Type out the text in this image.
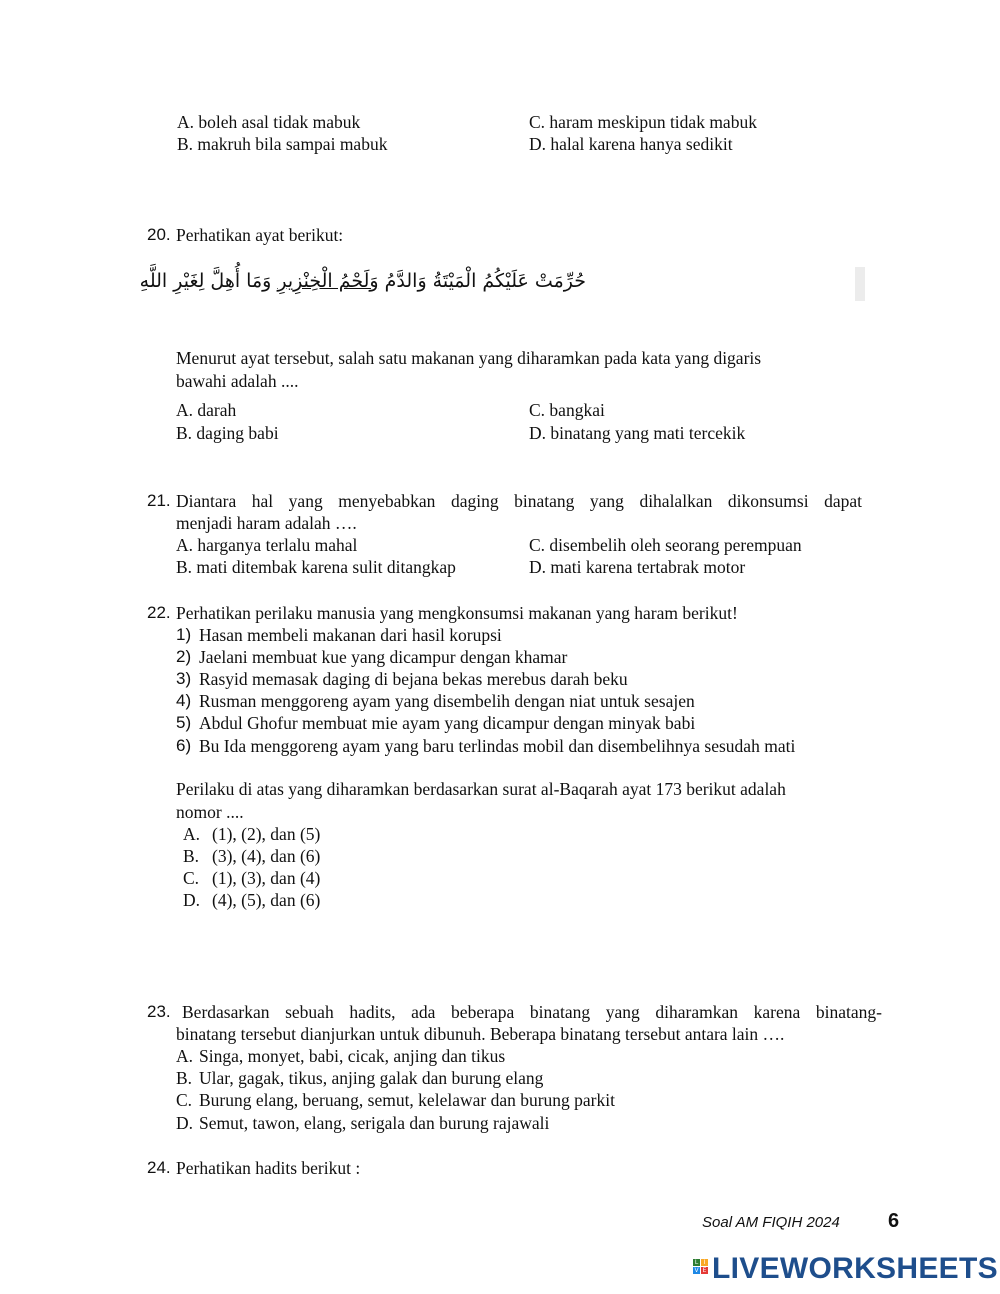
A. boleh asal tidak mabuk
B. makruh bila sampai mabuk
C. haram meskipun tidak mabuk
D. halal karena hanya sedikit
20. Perhatikan ayat berikut:
حُرِّمَتْ عَلَيْكُمُ الْمَيْتَةُ وَالدَّمُ وَلَحْمُ الْخِنْزِيرِ وَمَا أُهِلَّ لِغَيْرِ اللَّهِ
Menurut ayat tersebut, salah satu makanan yang diharamkan pada kata yang digaris
bawahi adalah ....
A. darah
B. daging babi
C. bangkai
D. binatang yang mati tercekik
21. Diantara hal yang menyebabkan daging binatang yang dihalalkan dikonsumsi dapat
menjadi haram adalah ….
A. harganya terlalu mahal
B. mati ditembak karena sulit ditangkap
C. disembelih oleh seorang perempuan
D. mati karena tertabrak motor
22. Perhatikan perilaku manusia yang mengkonsumsi makanan yang haram berikut!
1) Hasan membeli makanan dari hasil korupsi
2) Jaelani membuat kue yang dicampur dengan khamar
3) Rasyid memasak daging di bejana bekas merebus darah beku
4) Rusman menggoreng ayam yang disembelih dengan niat untuk sesajen
5) Abdul Ghofur membuat mie ayam yang dicampur dengan minyak babi
6) Bu Ida menggoreng ayam yang baru terlindas mobil dan disembelihnya sesudah mati
Perilaku di atas yang diharamkan berdasarkan surat al-Baqarah ayat 173 berikut adalah
nomor ....
A. (1), (2), dan (5)
B. (3), (4), dan (6)
C. (1), (3), dan (4)
D. (4), (5), dan (6)
23. Berdasarkan sebuah hadits, ada beberapa binatang yang diharamkan karena binatang-
binatang tersebut dianjurkan untuk dibunuh. Beberapa binatang tersebut antara lain ….
A. Singa, monyet, babi, cicak, anjing dan tikus
B. Ular, gagak, tikus, anjing galak dan burung elang
C. Burung elang, beruang, semut, kelelawar dan burung parkit
D. Semut, tawon, elang, serigala dan burung rajawali
24. Perhatikan hadits berikut :
Soal AM FIQIH 2024 6
L I
V E LIVEWORKSHEETS
